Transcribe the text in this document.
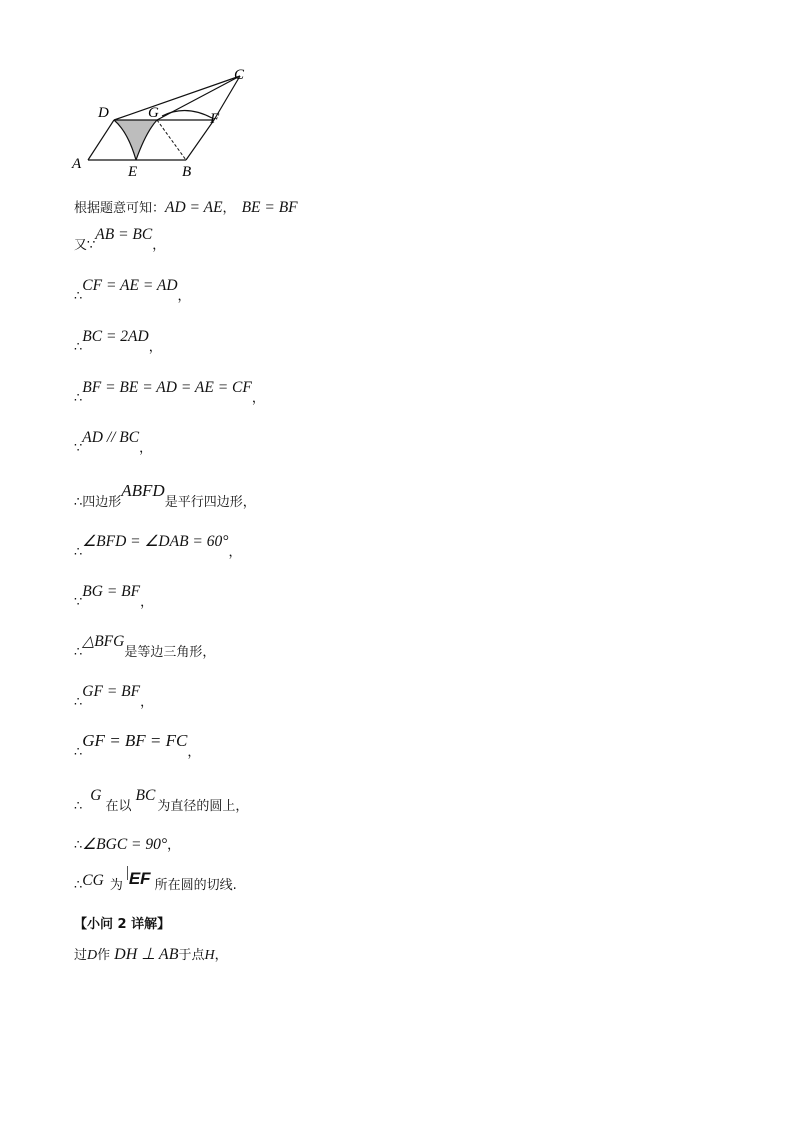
C
D	G	F
A	E	B
根据题意可知：AD = AE， BE = BF
又∵AB = BC，
∴CF = AE = AD，
∴BC = 2AD，
∴BF = BE = AD = AE = CF，
∵AD // BC，
∴四边形ABFD是平行四边形，
∴∠BFD = ∠DAB = 60°，
∵BG = BF，
∴△BFG是等边三角形，
∴GF = BF，
∴GF = BF = FC，
∴G在以BC为直径的圆上，
∴∠BGC = 90°，
∴CG 为 EF 所在圆的切线.
【小问 2 详解】
过D作 DH ⊥ AB于点H，
